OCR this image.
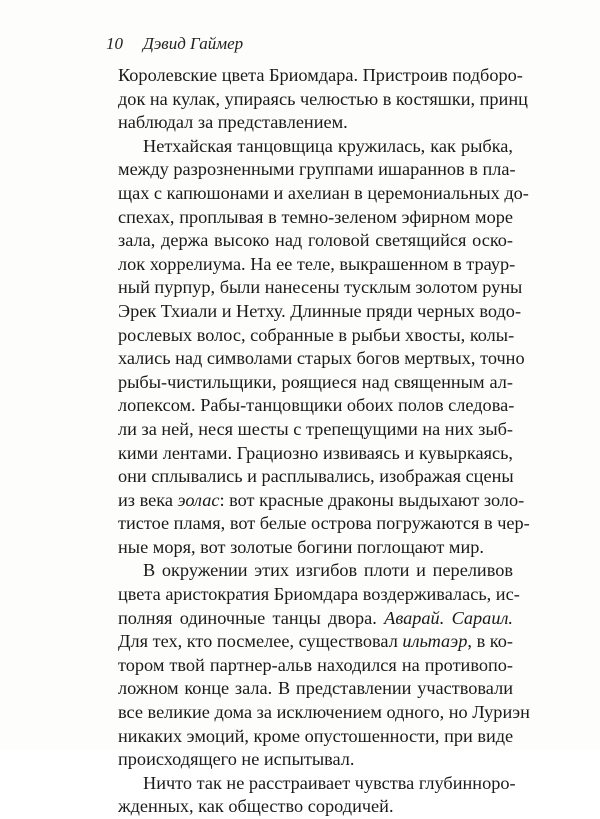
10 Дэвид Гаймер
Королевские цвета Бриомдара. Пристроив подборо-
док на кулак, упираясь челюстью в костяшки, принц
наблюдал за представлением.
Нетхайская танцовщица кружилась, как рыбка,
между разрозненными группами ишараннов в пла-
щах с капюшонами и ахелиан в церемониальных до-
спехах, проплывая в темно-зеленом эфирном море
зала, держа высоко над головой светящийся оско-
лок хоррелиума. На ее теле, выкрашенном в траур-
ный пурпур, были нанесены тусклым золотом руны
Эрек Тхиали и Нетху. Длинные пряди черных водо-
рослевых волос, собранные в рыбьи хвосты, колы-
хались над символами старых богов мертвых, точно
рыбы-чистильщики, роящиеся над священным ал-
лопексом. Рабы-танцовщики обоих полов следова-
ли за ней, неся шесты с трепещущими на них зыб-
кими лентами. Грациозно извиваясь и кувыркаясь,
они сплывались и расплывались, изображая сцены
из века эолас: вот красные драконы выдыхают золо-
тистое пламя, вот белые острова погружаются в чер-
ные моря, вот золотые богини поглощают мир.
В окружении этих изгибов плоти и переливов
цвета аристократия Бриомдара воздерживалась, ис-
полняя одиночные танцы двора. Аварай. Сараил.
Для тех, кто посмелее, существовал ильтаэр, в ко-
тором твой партнер-альв находился на противопо-
ложном конце зала. В представлении участвовали
все великие дома за исключением одного, но Луриэн
никаких эмоций, кроме опустошенности, при виде
происходящего не испытывал.
Ничто так не расстраивает чувства глубиннoро-
жденных, как общество сородичей.
